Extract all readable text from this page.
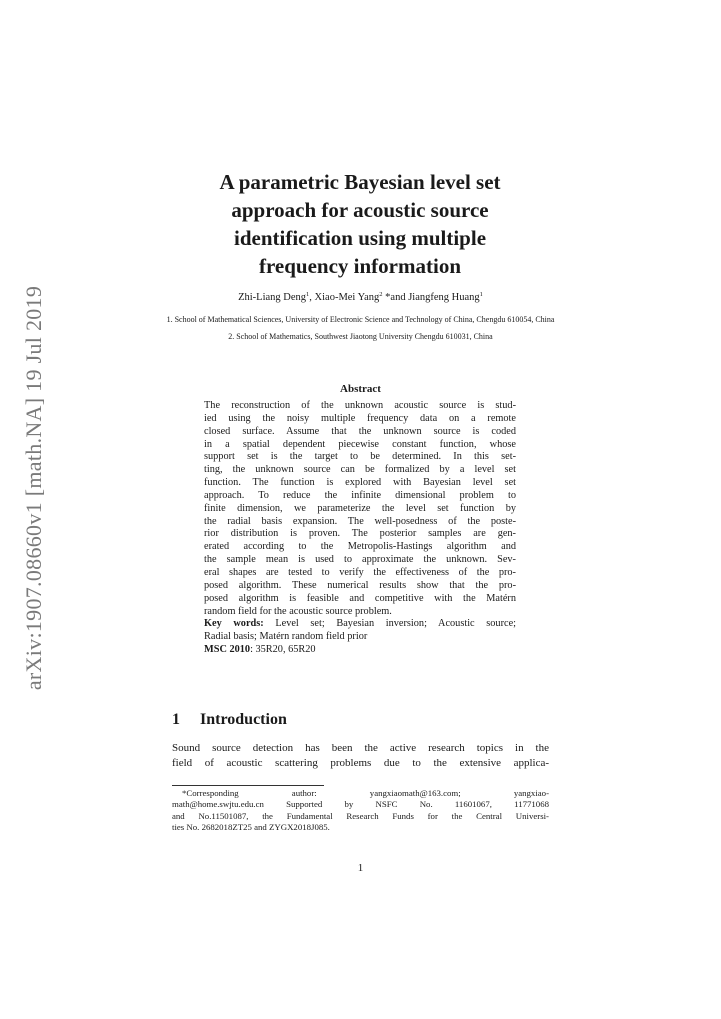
arXiv:1907.08660v1 [math.NA] 19 Jul 2019
A parametric Bayesian level set
approach for acoustic source
identification using multiple
frequency information
Zhi-Liang Deng$^1$, Xiao-Mei Yang$^2$ *and Jiangfeng Huang$^1$
1. School of Mathematical Sciences, University of Electronic Science and Technology of China, Chengdu 610054, China
2. School of Mathematics, Southwest Jiaotong University Chengdu 610031, China
Abstract
The reconstruction of the unknown acoustic source is stud-
ied using the noisy multiple frequency data on a remote
closed surface. Assume that the unknown source is coded
in a spatial dependent piecewise constant function, whose
support set is the target to be determined. In this set-
ting, the unknown source can be formalized by a level set
function. The function is explored with Bayesian level set
approach. To reduce the infinite dimensional problem to
finite dimension, we parameterize the level set function by
the radial basis expansion. The well-posedness of the poste-
rior distribution is proven. The posterior samples are gen-
erated according to the Metropolis-Hastings algorithm and
the sample mean is used to approximate the unknown. Sev-
eral shapes are tested to verify the effectiveness of the pro-
posed algorithm. These numerical results show that the pro-
posed algorithm is feasible and competitive with the Matérn
random field for the acoustic source problem.
Key words: Level set; Bayesian inversion; Acoustic source;
Radial basis; Matérn random field prior
MSC 2010: 35R20, 65R20
1 Introduction
Sound source detection has been the active research topics in the
field of acoustic scattering problems due to the extensive applica-
*Corresponding author: yangxiaomath@163.com; yangxiao-
math@home.swjtu.edu.cn Supported by NSFC No. 11601067, 11771068
and No.11501087, the Fundamental Research Funds for the Central Universi-
ties No. 2682018ZT25 and ZYGX2018J085.
1
